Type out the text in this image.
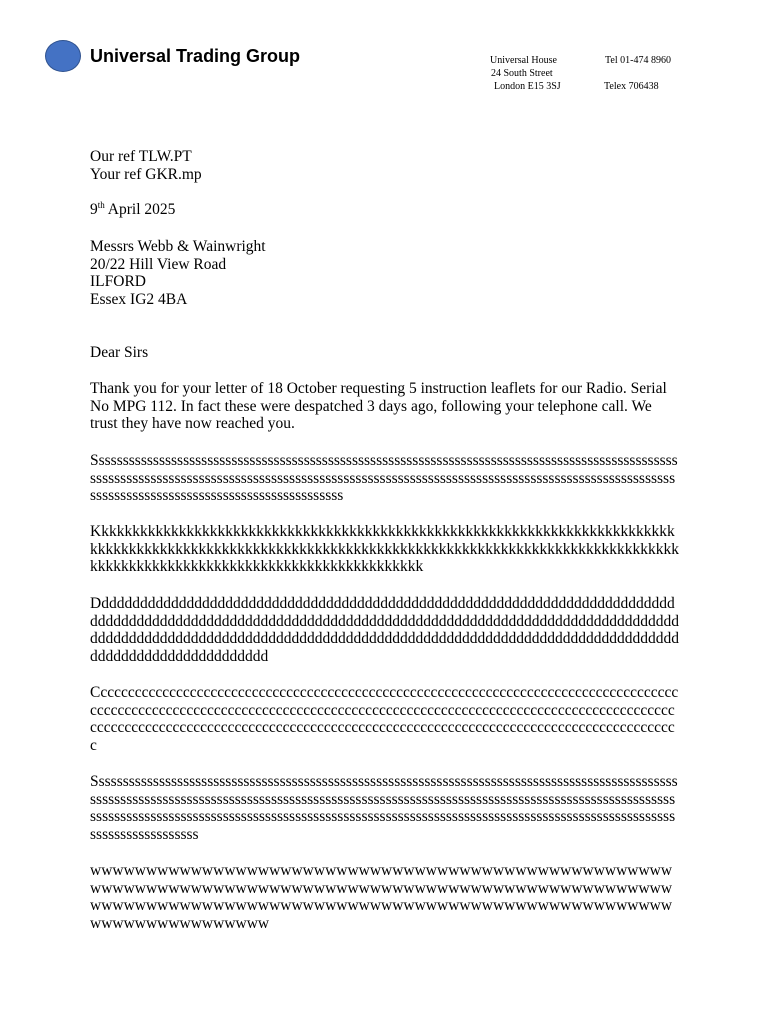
Universal Trading Group	Universal House
24 South Street
London E15 3SJ
Tel 01-474 8960
Telex 706438
Our ref TLW.PT
Your ref GKR.mp
9th April 2025
Messrs Webb & Wainwright
20/22 Hill View Road
ILFORD
Essex IG2 4BA
Dear Sirs

Thank you for your letter of 18 October requesting 5 instruction leaflets for our Radio. Serial No MPG 112. In fact these were despatched 3 days ago, following your telephone call. We trust they have now reached you.

Ssssssssssssssssssssssssssssssssssssssssssssssssssssssssssssssssssssssssssssssssssssssssssssssssssssssssssssssssssssssssssssssssssssssssssssssssssssssssssssssssssssssssssssssssssssssssssssssssssssssssssssssssssssssssssssssssssssssssssss

Kkkkkkkkkkkkkkkkkkkkkkkkkkkkkkkkkkkkkkkkkkkkkkkkkkkkkkkkkkkkkkkkkkkkkkkkkkkkkkkkkkkkkkkkkkkkkkkkkkkkkkkkkkkkkkkkkkkkkkkkkkkkkkkkkkkkkkkkkkkkkkkkkkkkkkkkkkkkkkkkkkkkkkkkkkkkkkkkkkkkkkkkkkkkkkkkkk

Dddddddddddddddddddddddddddddddddddddddddddddddddddddddddddddddddddddddddddddddddddddddddddddddddddddddddddddddddddddddddddddddddddddddddddddddddddddddddddddddddddddddddddddddddddddddddddddddddddddddddddddddddddddddddddddddddddddddddddddddddddddddddd

Cccccccccccccccccccccccccccccccccccccccccccccccccccccccccccccccccccccccccccccccccccccccccccccccccccccccccccccccccccccccccccccccccccccccccccccccccccccccccccccccccccccccccccccccccccccccccccccccccccccccccccccccccccccccccccccccccccccccccccccccccccccccccccccccc

Sssssssssssssssssssssssssssssssssssssssssssssssssssssssssssssssssssssssssssssssssssssssssssssssssssssssssssssssssssssssssssssssssssssssssssssssssssssssssssssssssssssssssssssssssssssssssssssssssssssssssssssssssssssssssssssssssssssssssssssssssssssssssssssssssssssssssssssssssssssssssssssssssssssssssssssssssssss

wwwwwwwwwwwwwwwwwwwwwwwwwwwwwwwwwwwwwwwwwwwwwwwwwwwwwwwwwwwwwwwwwwwwwwwwwwwwwwwwwwwwwwwwwwwwwwwwwwwwwwwwwwwwwwwwwwwwwwwwwwwwwwwwwwwwwwwwwwwwwwwwwwwwwwwwwwwwwwwwwwwwwwwwwwww
